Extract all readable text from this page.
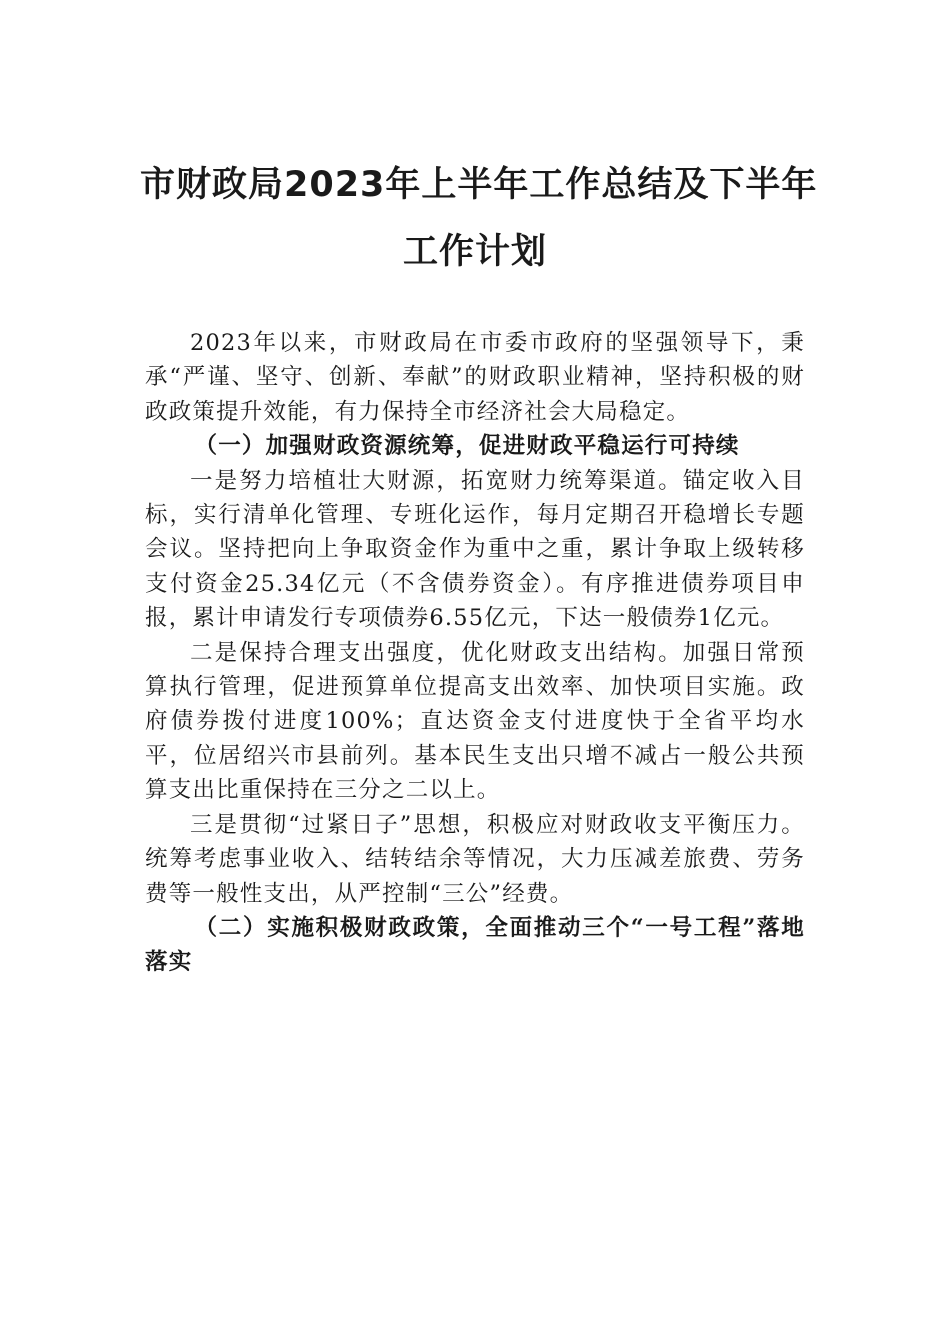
市财政局2023年上半年工作总结及下半年
工作计划

2023年以来，市财政局在市委市政府的坚强领导下，秉承“严谨、坚守、创新、奉献”的财政职业精神，坚持积极的财政政策提升效能，有力保持全市经济社会大局稳定。

（一）加强财政资源统筹，促进财政平稳运行可持续

一是努力培植壮大财源，拓宽财力统筹渠道。锚定收入目标，实行清单化管理、专班化运作，每月定期召开稳增长专题会议。坚持把向上争取资金作为重中之重，累计争取上级转移支付资金25.34亿元（不含债券资金）。有序推进债券项目申报，累计申请发行专项债券6.55亿元，下达一般债券1亿元。

二是保持合理支出强度，优化财政支出结构。加强日常预算执行管理，促进预算单位提高支出效率、加快项目实施。政府债券拨付进度100%；直达资金支付进度快于全省平均水平，位居绍兴市县前列。基本民生支出只增不减占一般公共预算支出比重保持在三分之二以上。

三是贯彻“过紧日子”思想，积极应对财政收支平衡压力。统筹考虑事业收入、结转结余等情况，大力压减差旅费、劳务费等一般性支出，从严控制“三公”经费。

（二）实施积极财政政策，全面推动三个“一号工程”落地落实
